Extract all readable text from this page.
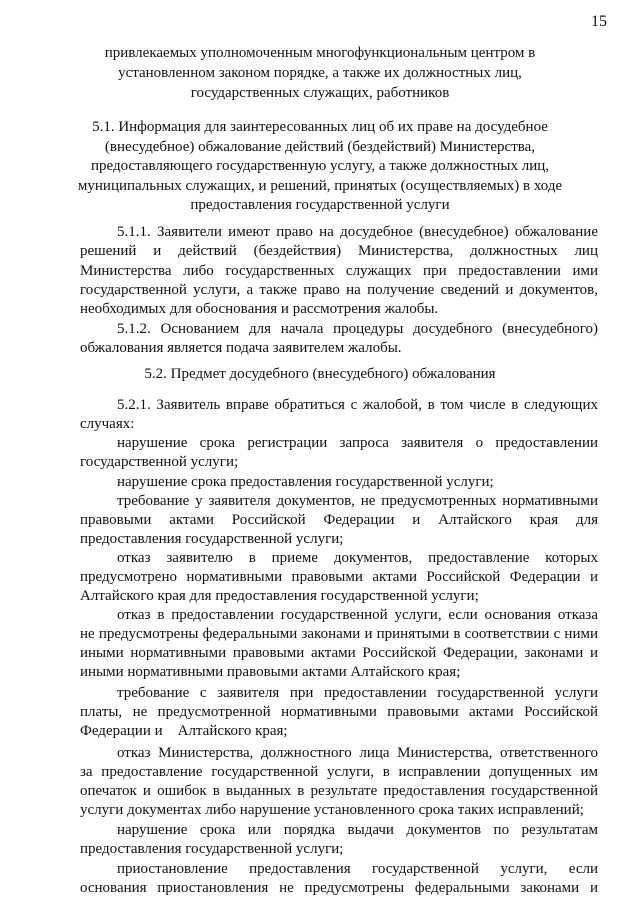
15
привлекаемых уполномоченным многофункциональным центром в
установленном законом порядке, а также их должностных лиц,
государственных служащих, работников
5.1. Информация для заинтересованных лиц об их праве на досудебное
(внесудебное) обжалование действий (бездействий) Министерства,
предоставляющего государственную услугу, а также должностных лиц,
муниципальных служащих, и решений, принятых (осуществляемых) в ходе
предоставления государственной услуги
5.1.1. Заявители имеют право на досудебное (внесудебное) обжалование
решений и действий (бездействия) Министерства, должностных лиц
Министерства либо государственных служащих при предоставлении ими
государственной услуги, а также право на получение сведений и документов,
необходимых для обоснования и рассмотрения жалобы.
5.1.2. Основанием для начала процедуры досудебного (внесудебного)
обжалования является подача заявителем жалобы.
5.2. Предмет досудебного (внесудебного) обжалования
5.2.1. Заявитель вправе обратиться с жалобой, в том числе в следующих
случаях:
нарушение срока регистрации запроса заявителя о предоставлении
государственной услуги;
нарушение срока предоставления государственной услуги;
требование у заявителя документов, не предусмотренных нормативными
правовыми актами Российской Федерации и Алтайского края для
предоставления государственной услуги;
отказ заявителю в приеме документов, предоставление которых
предусмотрено нормативными правовыми актами Российской Федерации и
Алтайского края для предоставления государственной услуги;
отказ в предоставлении государственной услуги, если основания отказа
не предусмотрены федеральными законами и принятыми в соответствии с ними
иными нормативными правовыми актами Российской Федерации, законами и
иными нормативными правовыми актами Алтайского края;
требование с заявителя при предоставлении государственной услуги
платы, не предусмотренной нормативными правовыми актами Российской
Федерации и    Алтайского края;
отказ Министерства, должностного лица Министерства, ответственного
за предоставление государственной услуги, в исправлении допущенных им
опечаток и ошибок в выданных в результате предоставления государственной
услуги документах либо нарушение установленного срока таких исправлений;
нарушение срока или порядка выдачи документов по результатам
предоставления государственной услуги;
приостановление предоставления государственной услуги, если
основания приостановления не предусмотрены федеральными законами и
